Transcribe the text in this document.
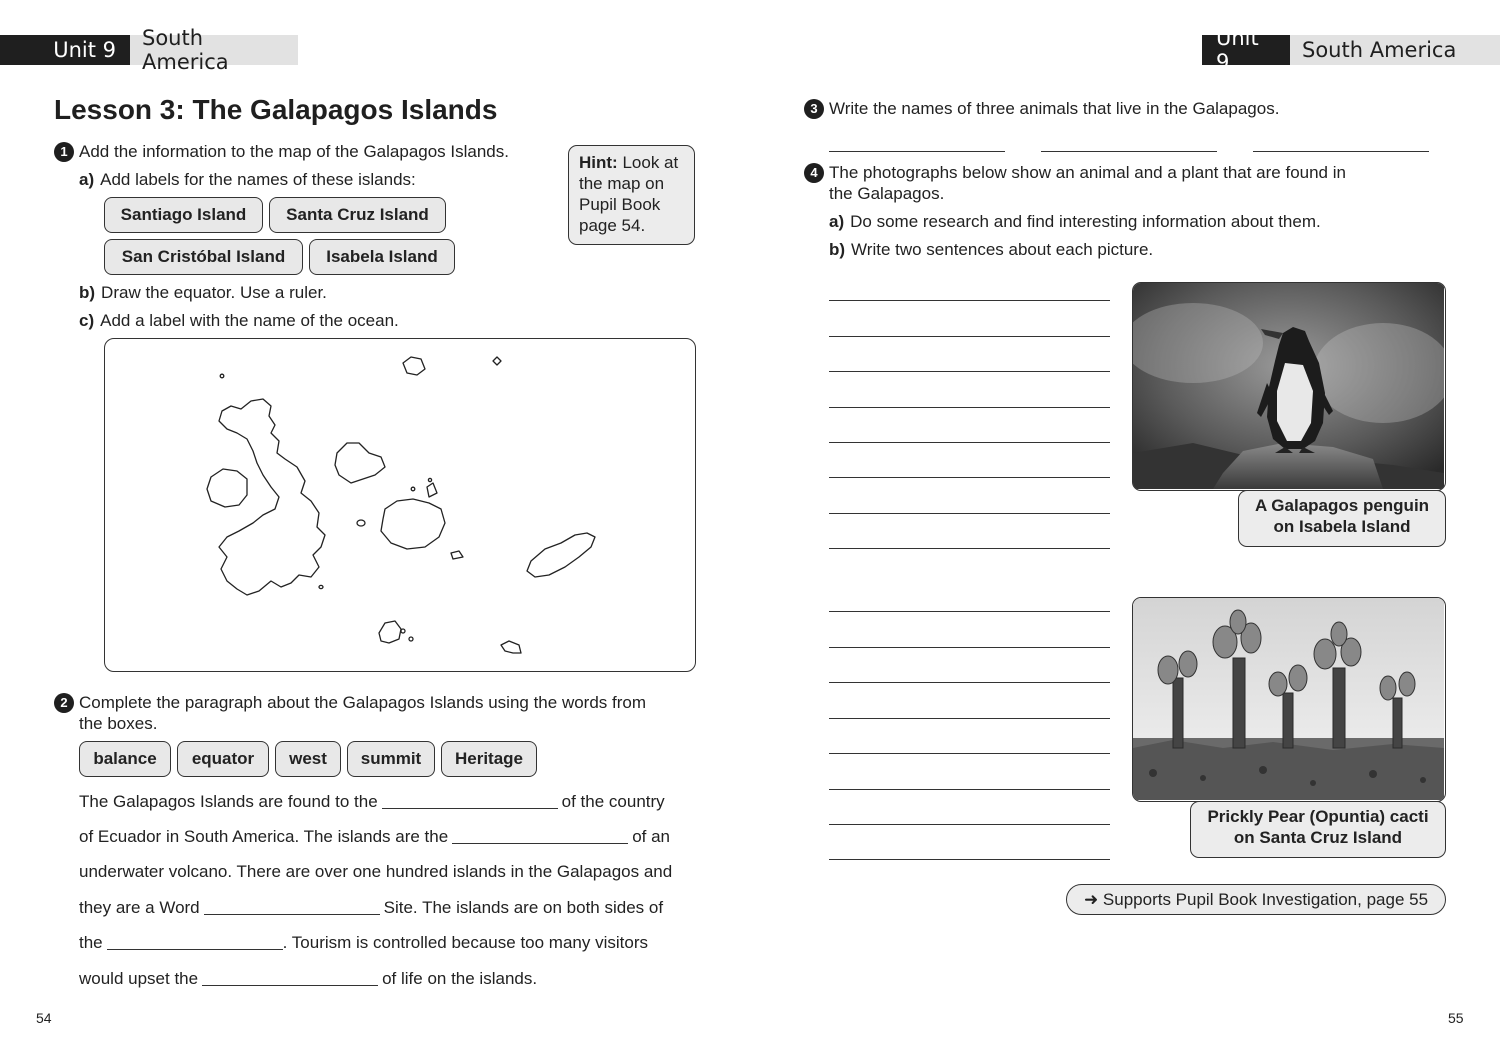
Unit 9	South America
Unit 9	South America
Lesson 3: The Galapagos Islands
1 Add the information to the map of the Galapagos Islands.
a) Add labels for the names of these islands:
Santiago Island	Santa Cruz Island
San Cristóbal Island	Isabela Island
Hint: Look at
the map on
Pupil Book
page 54.
b) Draw the equator. Use a ruler.
c) Add a label with the name of the ocean.
2 Complete the paragraph about the Galapagos Islands using the words from
the boxes.
balance	equator	west	summit	Heritage
The Galapagos Islands are found to the	of the country
of Ecuador in South America. The islands are the	of an
underwater volcano. There are over one hundred islands in the Galapagos and
they are a Word	Site. The islands are on both sides of
the	. Tourism is controlled because too many visitors
would upset the	of life on the islands.
54
3 Write the names of three animals that live in the Galapagos.
4 The photographs below show an animal and a plant that are found in
the Galapagos.
a) Do some research and find interesting information about them.
b) Write two sentences about each picture.
A Galapagos penguin
on Isabela Island
Prickly Pear (Opuntia) cacti
on Santa Cruz Island
➜ Supports Pupil Book Investigation, page 55
55
